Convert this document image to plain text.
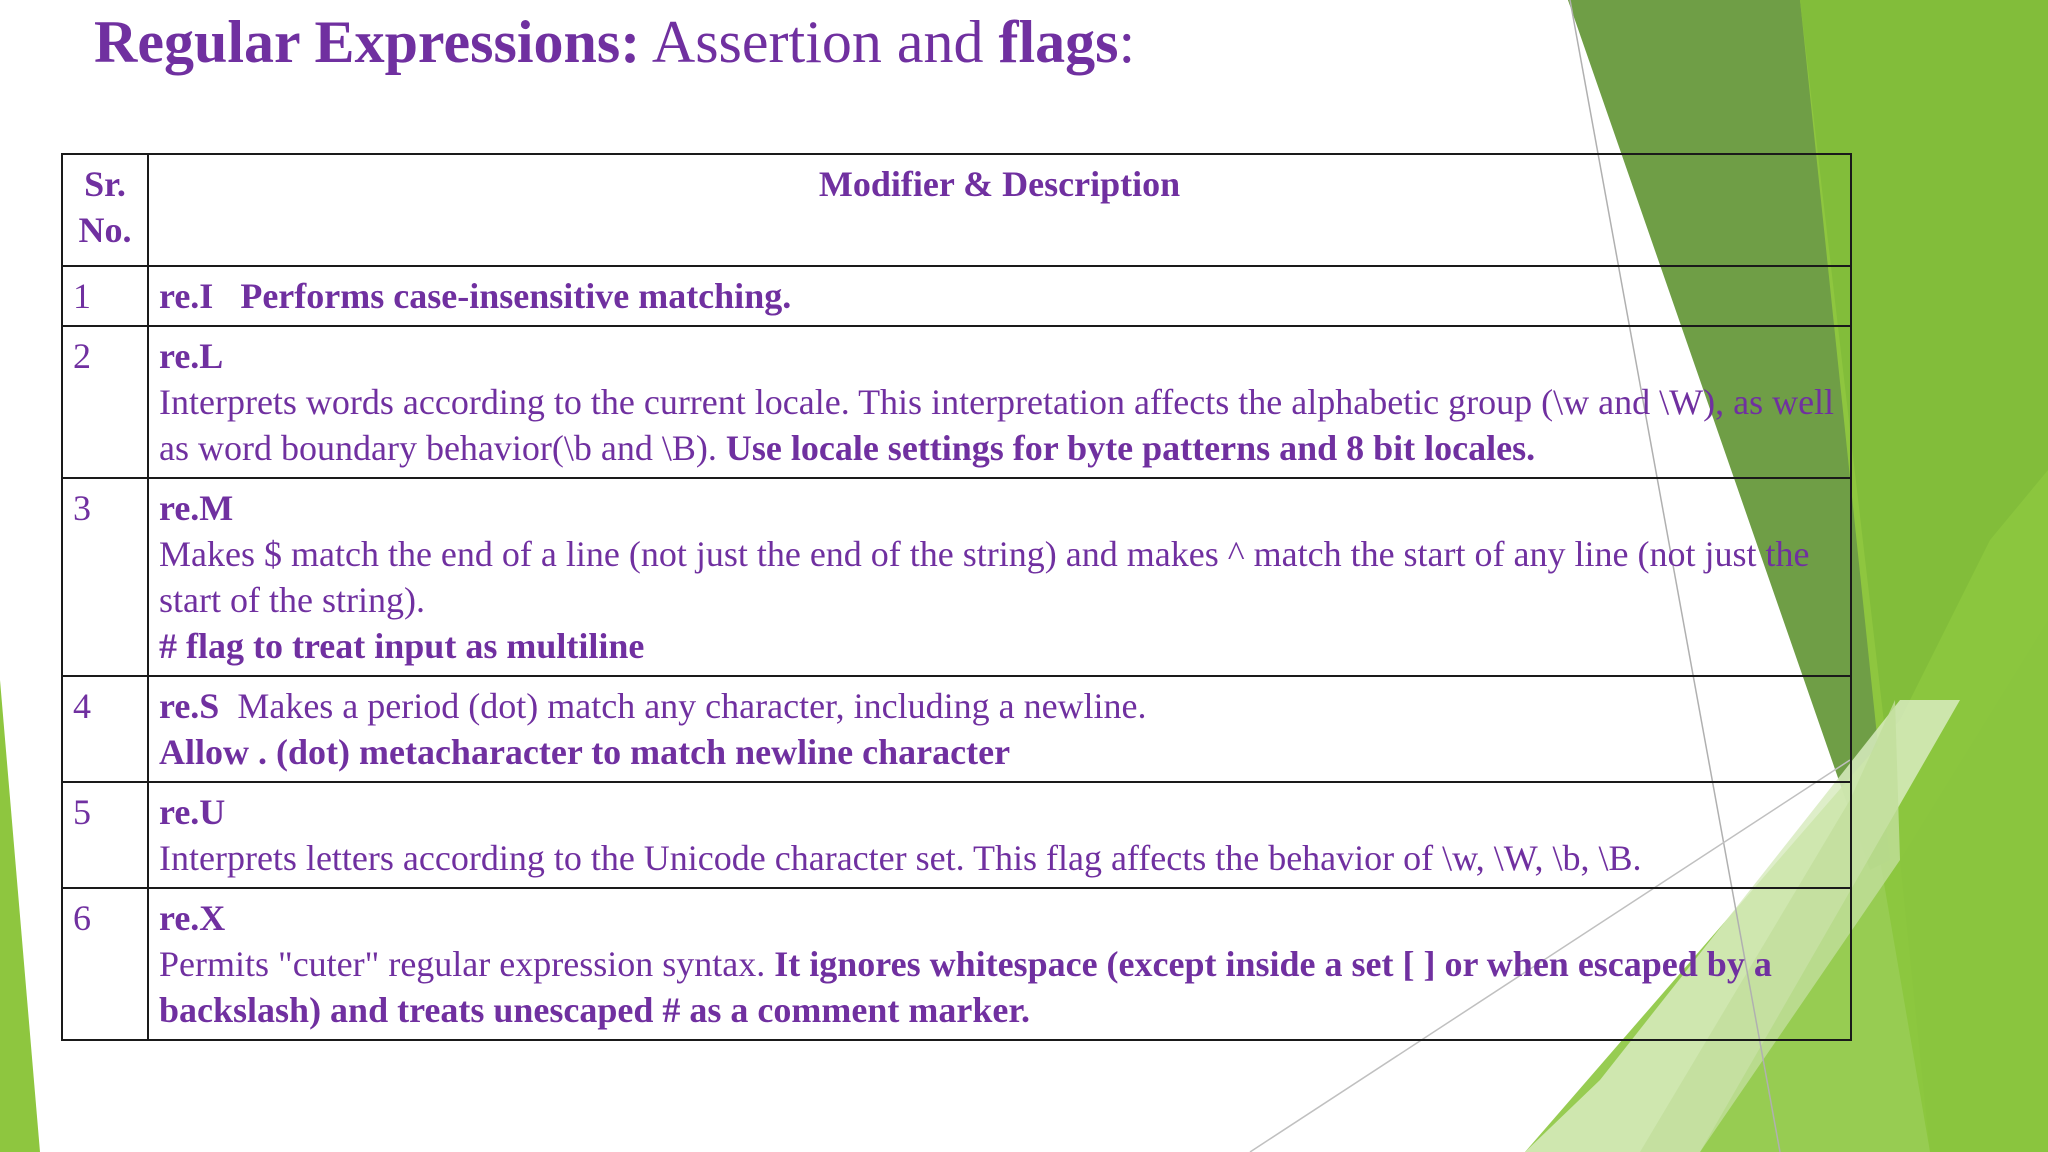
Regular Expressions: Assertion and flags:
Sr. No.	Modifier & Description
1	re.I Performs case-insensitive matching.
2	re.L
Interprets words according to the current locale. This interpretation affects the alphabetic group (\w and \W), as well as word boundary behavior(\b and \B). Use locale settings for byte patterns and 8 bit locales.
3	re.M
Makes $ match the end of a line (not just the end of the string) and makes ^ match the start of any line (not just the start of the string).
# flag to treat input as multiline

4	re.S Makes a period (dot) match any character, including a newline.
Allow . (dot) metacharacter to match newline character

5	re.U
Interprets letters according to the Unicode character set. This flag affects the behavior of \w, \W, \b, \B.

6	re.X
Permits "cuter" regular expression syntax. It ignores whitespace (except inside a set [ ] or when escaped by a backslash) and treats unescaped # as a comment marker.
